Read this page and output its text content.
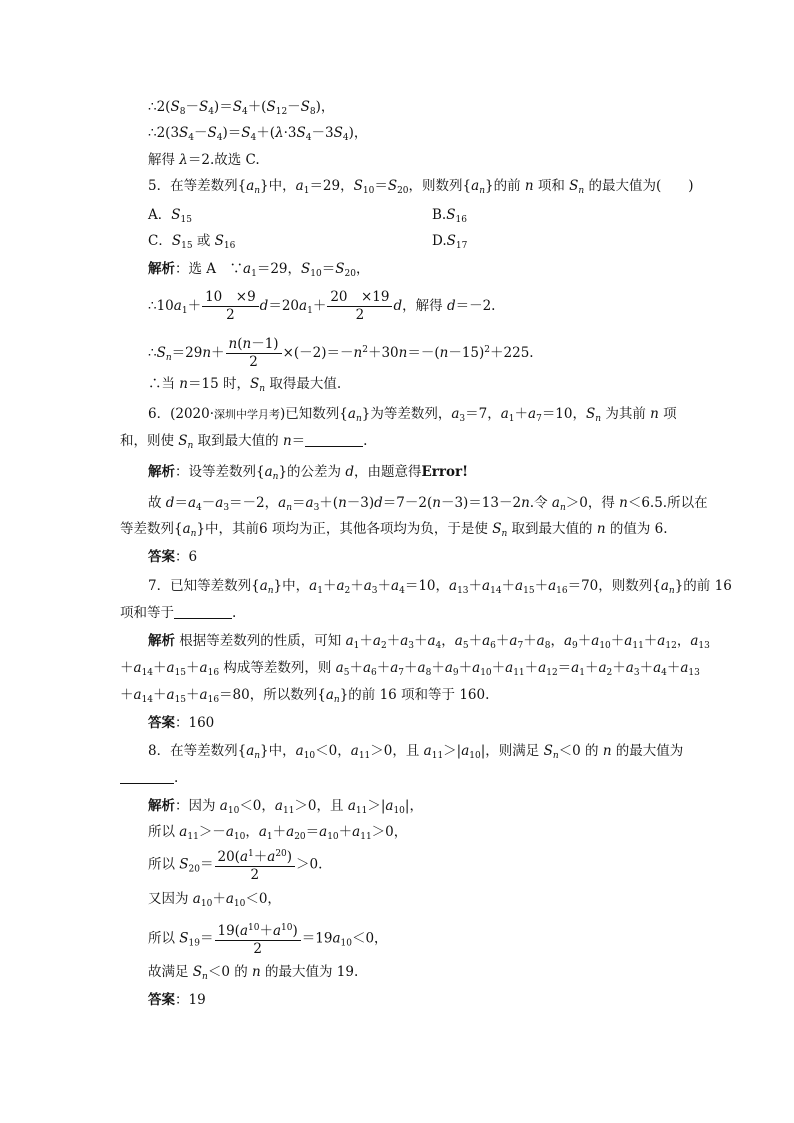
$\therefore 2(S_8-S_4)=S_4+(S_{12}-S_8)$，
$\therefore 2(3S_4-S_4)=S_4+(\lambda\cdot 3S_4-3S_4)$，
解得 λ＝2.故选 C.
5．在等差数列$\{a_n\}$中，$a_1=29$，$S_{10}=S_{20}$，则数列$\{a_n\}$的前 n 项和 $S_n$ 的最大值为(　　)
A．$S_{15}$	$B.S_{16}$
C．$S_{15}$ 或 $S_{16}$	$D.S_{17}$
解析：选 A　$\because a_1=29$，$S_{10}=S_{20}$，
$\therefore 10a_1+ \frac{10 \times 9}{2} d=20a_1+ \frac{20 \times 19}{2}$ d，解得 d＝－2.
$\therefore S_n=29n+ \frac{n(n-1)}{2} \times(-2)=-n^2+30n=-(n-15)^2+225$.
∴当 n＝15 时，$S_n$ 取得最大值.
6．(2020·深圳中学月考)已知数列$\{a_n\}$为等差数列，$a_3=7$，$a_1+a_7=10$，$S_n$ 为其前 n 项
和，则使 $S_n$ 取到最大值的 n＝	.
解析：设等差数列$\{a_n\}$的公差为 d，由题意得Error!
故 $d=a_4-a_3=-2$，$a_n=a_3+(n-3)d=7-2(n-3)=13-2n$.令 $a_n>0$，得 n＜6.5.所以在
等差数列$\{a_n\}$中，其前6 项均为正，其他各项均为负，于是使 $S_n$ 取到最大值的 n 的值为 6.
答案：6
7．已知等差数列$\{a_n\}$中，$a_1+a_2+a_3+a_4=10$，$a_{13}+a_{14}+a_{15}+a_{16}=70$，则数列$\{a_n\}$的前 16
项和等于	.
解析 根据等差数列的性质，可知 $a_1+a_2+a_3+a_4$，$a_5+a_6+a_7+a_8$，$a_9+a_{10}+a_{11}+a_{12}$，$a_{13}$
$+a_{14}+a_{15}+a_{16}$ 构成等差数列，则 $a_5+a_6+a_7+a_8+a_9+a_{10}+a_{11}+a_{12}=a_1+a_2+a_3+a_4+a_{13}$
$+a_{14}+a_{15}+a_{16}=80$，所以数列$\{a_n\}$的前 16 项和等于 160.
答案：160
8．在等差数列$\{a_n\}$中，$a_{10}<0$，$a_{11}>0$，且 $a_{11}>|a_{10}|$，则满足 $S_n<0$ 的 n 的最大值为
.
解析：因为 $a_{10}<0$，$a_{11}>0$，且 $a_{11}>|a_{10}|$，
所以 $a_{11}>-a_{10}$，$a_1+a_{20}=a_{10}+a_{11}>0$，
所以 $S_{20}= \frac{20(a^1+a^{20})}{2} >0$.
又因为 $a_{10}+a_{10}<0$，
所以 $S_{19}= \frac{19(a^{10}+a^{10})}{2} =19a_{10}<0$，
故满足 $S_n<0$ 的 n 的最大值为 19.
答案：19
